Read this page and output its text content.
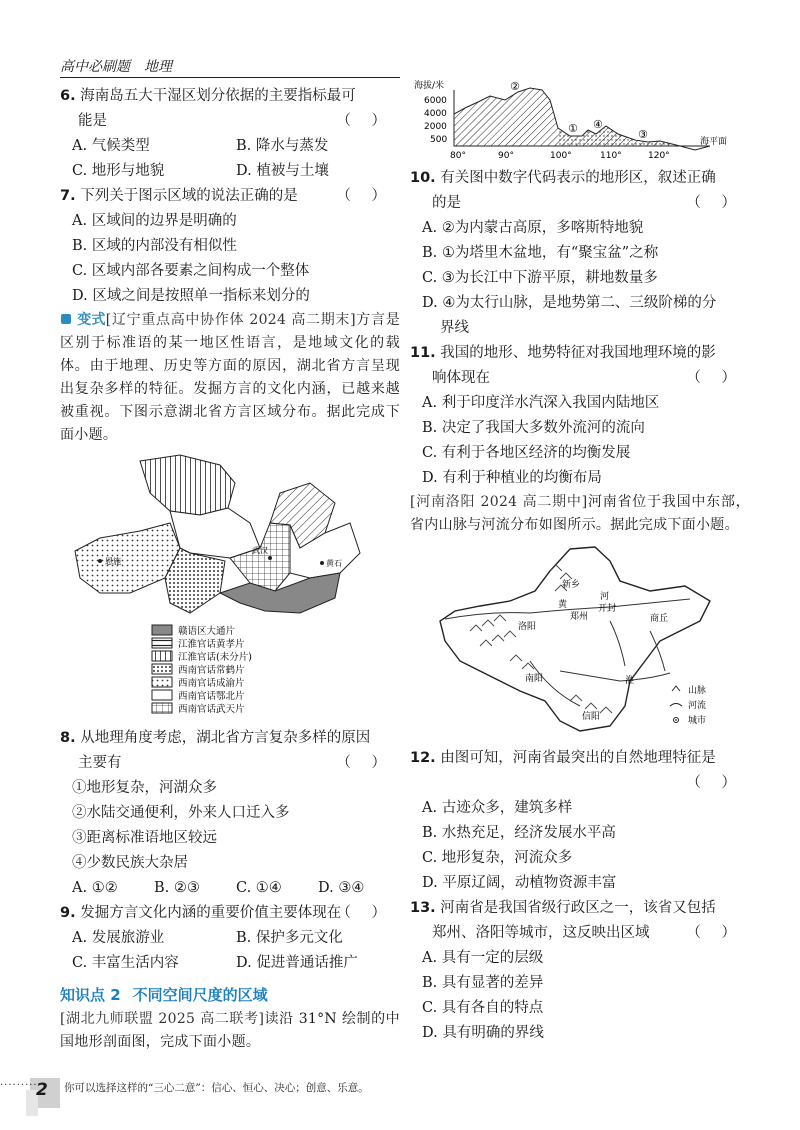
高中必刷题　地理
6. 海南岛五大干湿区划分依据的主要指标最可
能是	（ ）
A. 气候类型	B. 降水与蒸发
C. 地形与地貌	D. 植被与土壤
7. 下列关于图示区域的说法正确的是	（ ）
A. 区域间的边界是明确的
B. 区域的内部没有相似性
C. 区域内部各要素之间构成一个整体
D. 区域之间是按照单一指标来划分的
变式[辽宁重点高中协作体 2024 高二期末]方言是区别于标准语的某一地区性语言，是地域文化的载体。由于地理、历史等方面的原因，湖北省方言呈现出复杂多样的特征。发掘方言的文化内涵，已越来越被重视。下图示意湖北省方言区域分布。据此完成下面小题。
恩施
武汉
黄石
赣语区大通片
江淮官话黄孝片
江淮官话(未分片)
西南官话常鹤片
西南官话成渝片
西南官话鄂北片
西南官话武天片
8. 从地理角度考虑，湖北省方言复杂多样的原因
主要有	（ ）
①地形复杂，河湖众多
②水陆交通便利，外来人口迁入多
③距离标准语地区较远
④少数民族大杂居
A. ①②	B. ②③	C. ①④	D. ③④
9. 发掘方言文化内涵的重要价值主要体现在
（ ）
A. 发展旅游业	B. 保护多元文化
C. 丰富生活内容	D. 促进普通话推广
知识点 2 不同空间尺度的区域
[湖北九师联盟 2025 高二联考]读沿 31°N 绘制的中国地形剖面图，完成下面小题。
海拔/米
6000
4000
2000
500	海平面
②
① ④
③
80°	90°	100°	110°	120°
10. 有关图中数字代码表示的地形区，叙述正确
的是	（ ）
A. ②为内蒙古高原，多喀斯特地貌
B. ①为塔里木盆地，有“聚宝盆”之称
C. ③为长江中下游平原，耕地数量多
D. ④为太行山脉，是地势第二、三级阶梯的分
界线
11. 我国的地形、地势特征对我国地理环境的影
响体现在	（ ）
A. 利于印度洋水汽深入我国内陆地区
B. 决定了我国大多数外流河的流向
C. 有利于各地区经济的均衡发展
D. 有利于种植业的均衡布局
[河南洛阳 2024 高二期中]河南省位于我国中东部，省内山脉与河流分布如图所示。据此完成下面小题。
新乡
开封
郑州
洛阳
商丘
南阳
信阳
黄
淮
河
山脉
河流
城市
12. 由图可知，河南省最突出的自然地理特征是
（ ）
A. 古迹众多，建筑多样
B. 水热充足，经济发展水平高
C. 地形复杂，河流众多
D. 平原辽阔，动植物资源丰富
13. 河南省是我国省级行政区之一，该省又包括
郑州、洛阳等城市，这反映出区域	（ ）
A. 具有一定的层级
B. 具有显著的差异
C. 具有各自的特点
D. 具有明确的界线
·········
2 你可以选择这样的“三心二意”：信心、恒心、决心；创意、乐意。
